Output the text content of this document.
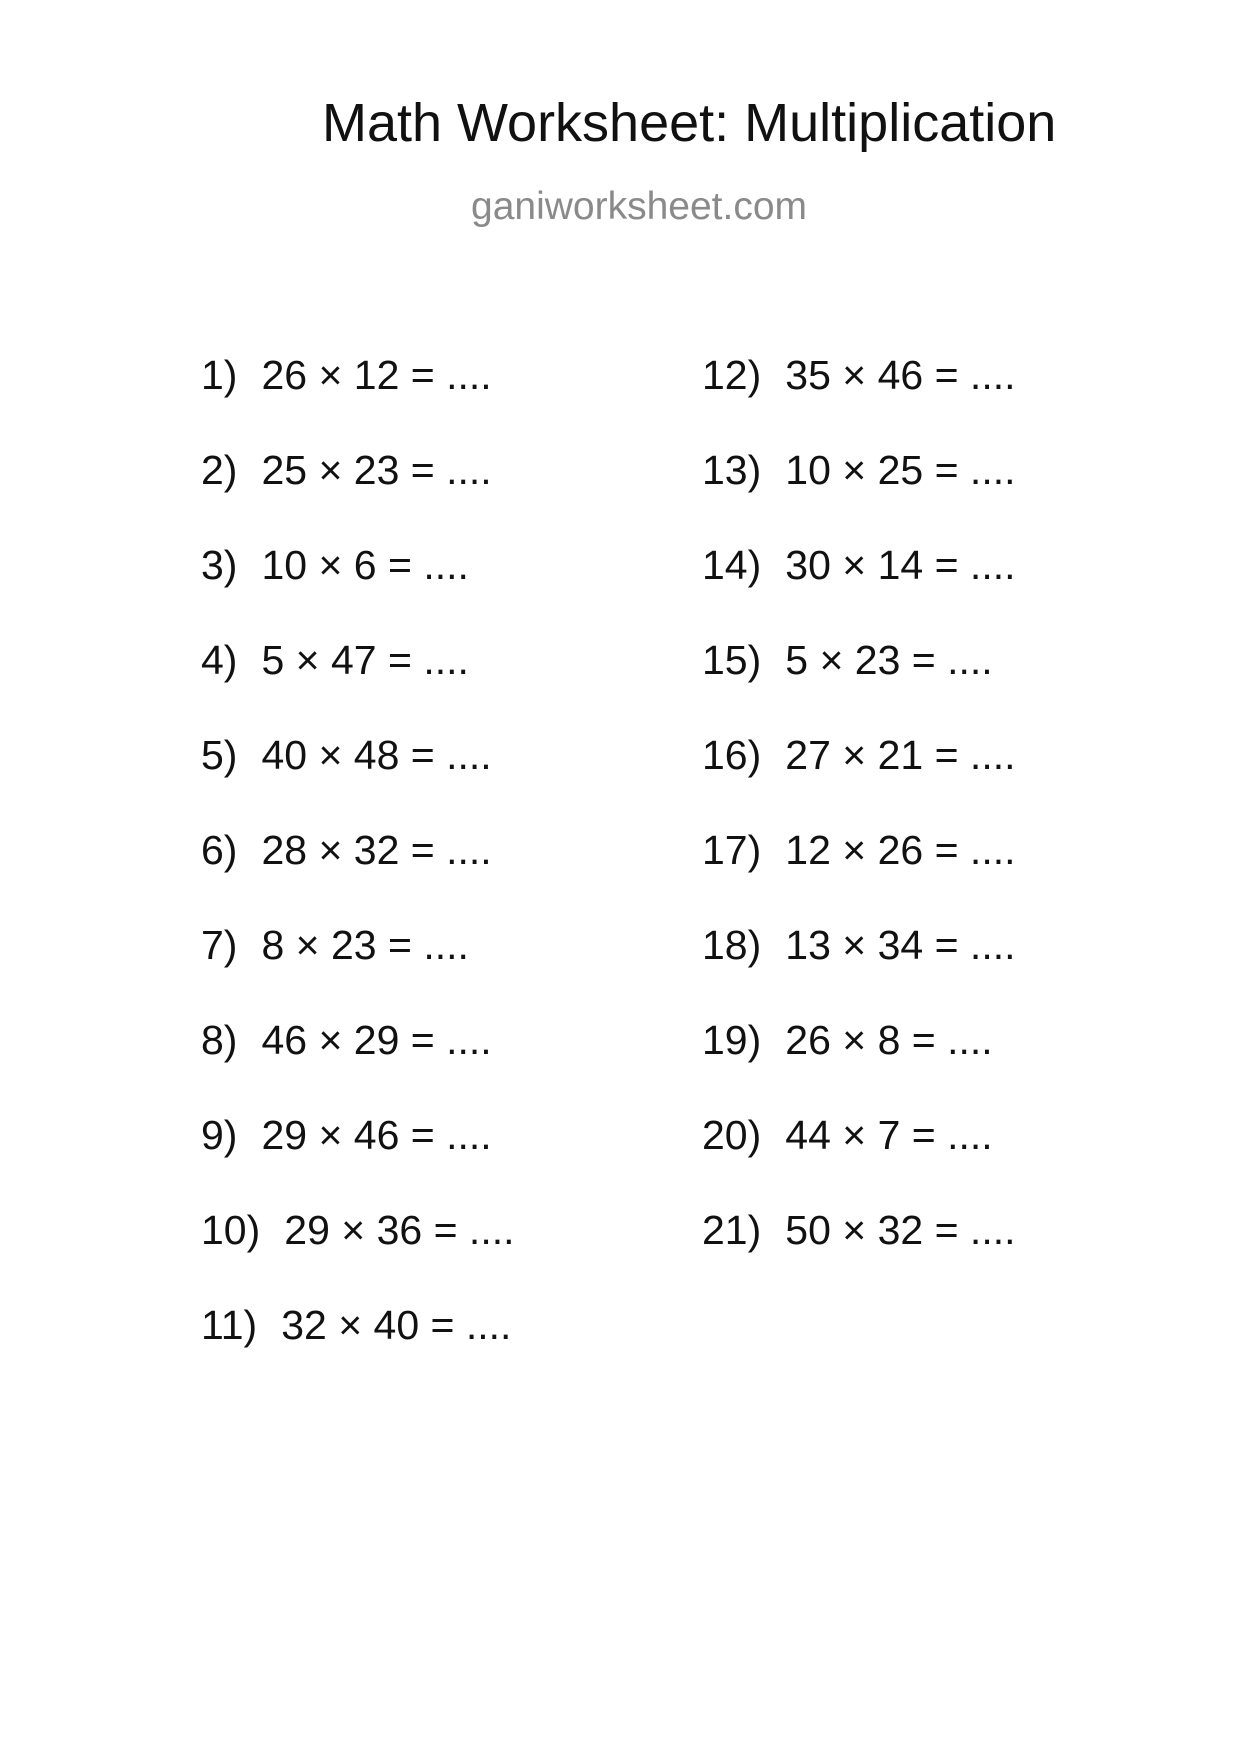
Math Worksheet: Multiplication
ganiworksheet.com
1) 26 × 12 = ....
2) 25 × 23 = ....
3) 10 × 6 = ....
4) 5 × 47 = ....
5) 40 × 48 = ....
6) 28 × 32 = ....
7) 8 × 23 = ....
8) 46 × 29 = ....
9) 29 × 46 = ....
10) 29 × 36 = ....
11) 32 × 40 = ....
12) 35 × 46 = ....
13) 10 × 25 = ....
14) 30 × 14 = ....
15) 5 × 23 = ....
16) 27 × 21 = ....
17) 12 × 26 = ....
18) 13 × 34 = ....
19) 26 × 8 = ....
20) 44 × 7 = ....
21) 50 × 32 = ....
